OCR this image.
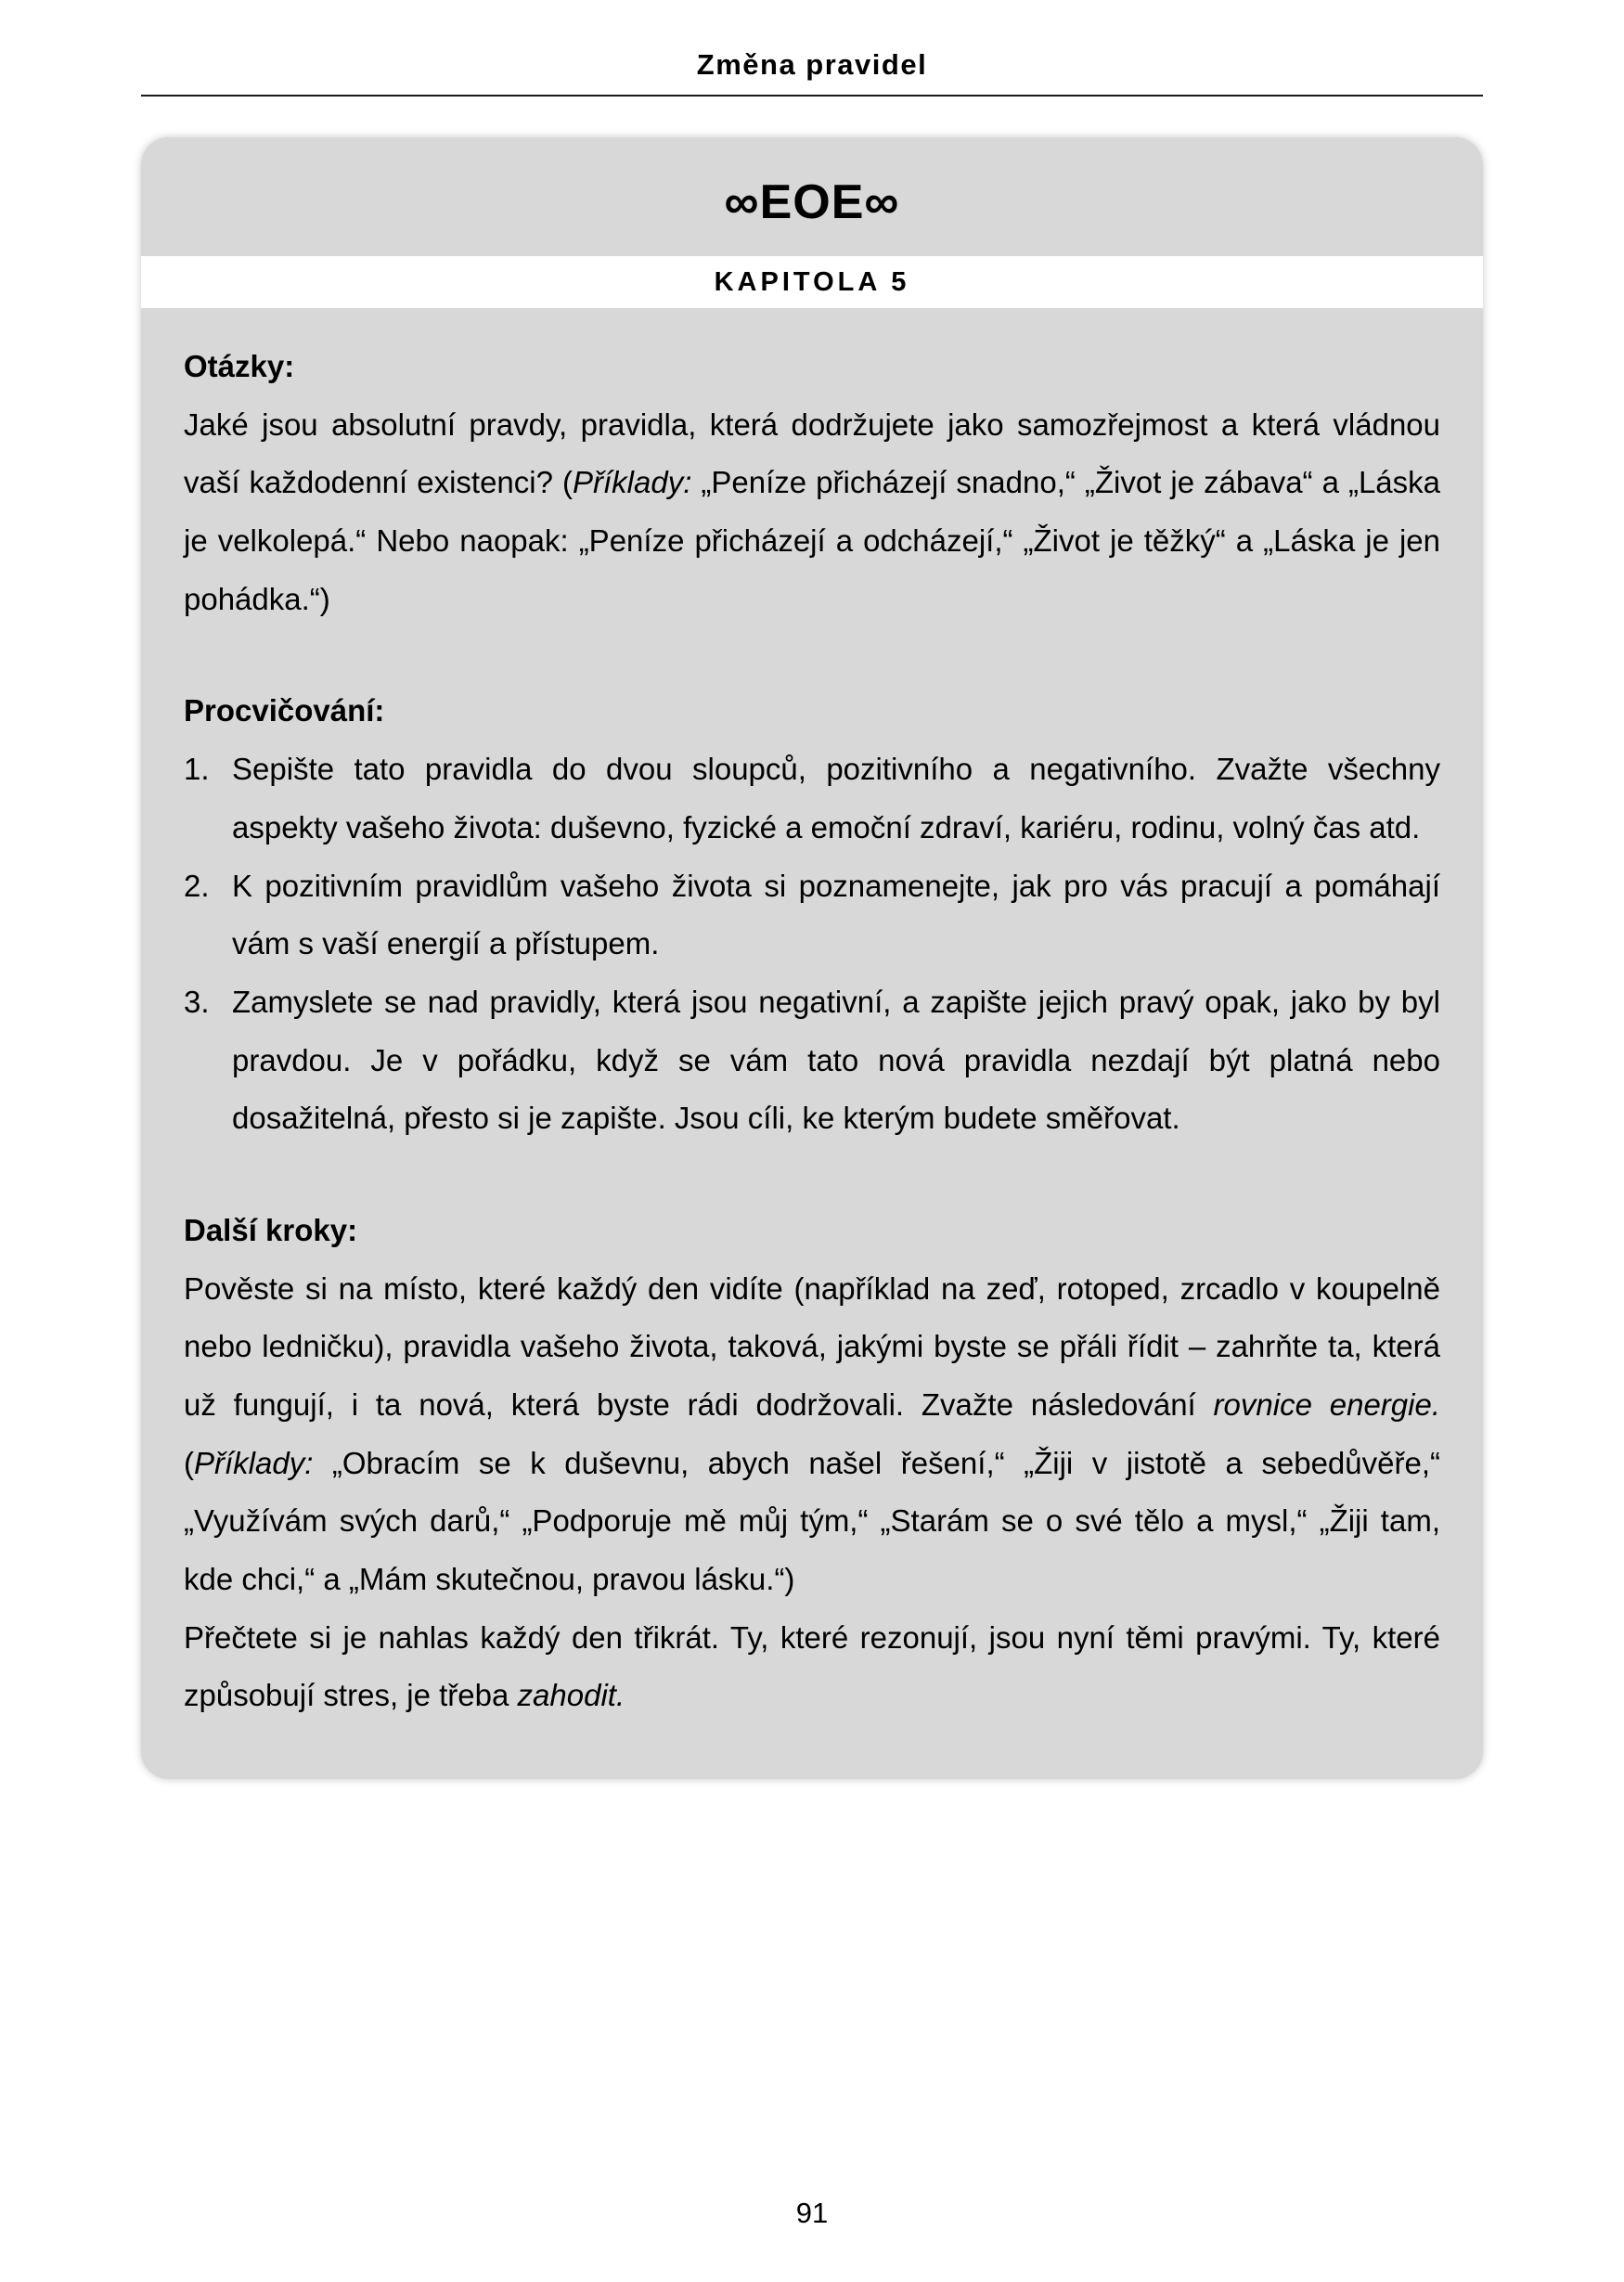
Změna pravidel
∞EOE∞
KAPITOLA 5
Otázky:

Jaké jsou absolutní pravdy, pravidla, která dodržujete jako samozřejmost a která vládnou vaší každodenní existenci? (Příklady: „Peníze přicházejí snadno,“ „Život je zábava“ a „Láska je velkolepá.“ Nebo naopak: „Peníze přicházejí a odcházejí,“ „Život je těžký“ a „Láska je jen pohádka.“)

Procvičování:
1. Sepište tato pravidla do dvou sloupců, pozitivního a negativního. Zvažte všechny aspekty vašeho života: duševno, fyzické a emoční zdraví, kariéru, rodinu, volný čas atd.
2. K pozitivním pravidlům vašeho života si poznamenejte, jak pro vás pracují a pomáhají vám s vaší energií a přístupem.
3. Zamyslete se nad pravidly, která jsou negativní, a zapište jejich pravý opak, jako by byl pravdou. Je v pořádku, když se vám tato nová pravidla nezdají být platná nebo dosažitelná, přesto si je zapište. Jsou cíli, ke kterým budete směřovat.
Další kroky:

Pověste si na místo, které každý den vidíte (například na zeď, rotoped, zrcadlo v koupelně nebo ledničku), pravidla vašeho života, taková, jakými byste se přáli řídit – zahrňte ta, která už fungují, i ta nová, která byste rádi dodržovali. Zvažte následování rovnice energie. (Příklady: „Obracím se k duševnu, abych našel řešení,“ „Žiji v jistotě a sebedůvěře,“ „Využívám svých darů,“ „Podporuje mě můj tým,“ „Starám se o své tělo a mysl,“ „Žiji tam, kde chci,“ a „Mám skutečnou, pravou lásku.“)

Přečtete si je nahlas každý den třikrát. Ty, které rezonují, jsou nyní těmi pravými. Ty, které způsobují stres, je třeba zahodit.

91
